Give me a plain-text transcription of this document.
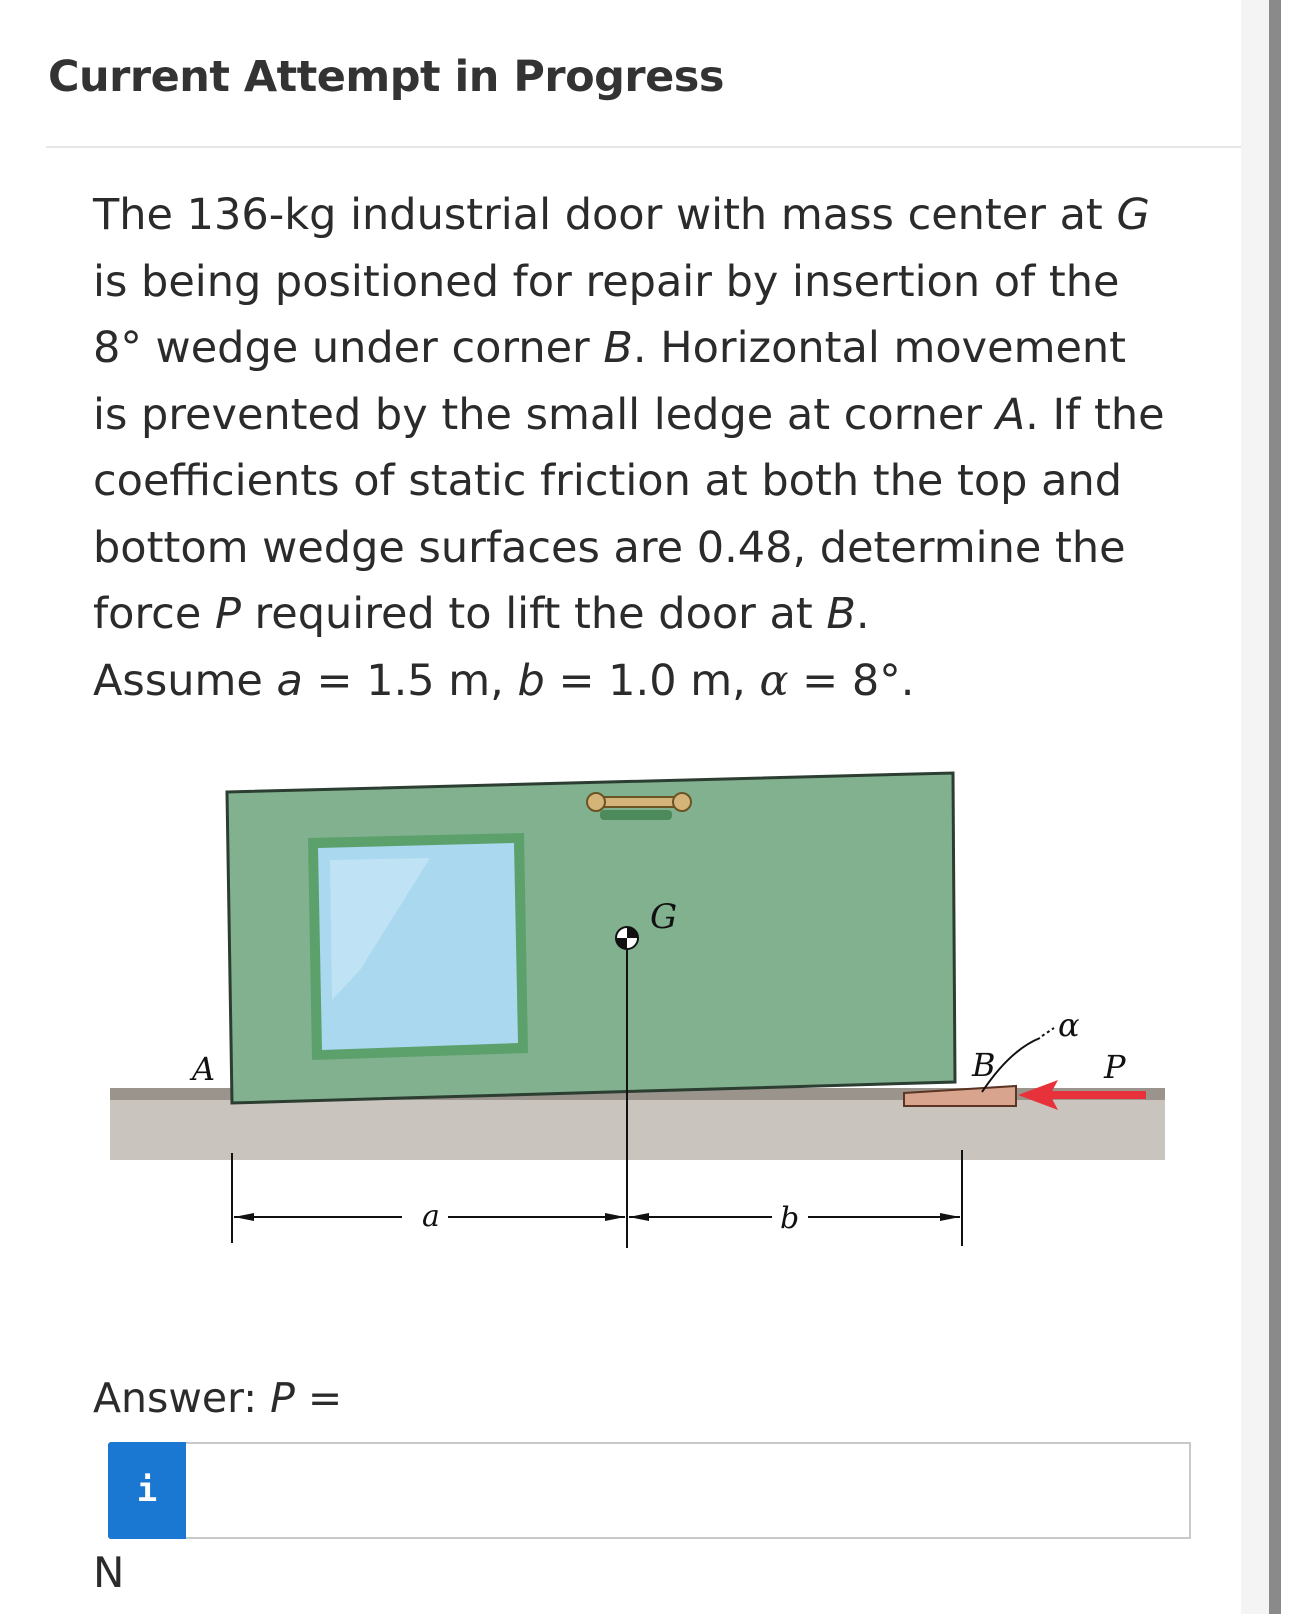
Current Attempt in Progress

The 136-kg industrial door with mass center at G is being positioned for repair by insertion of the 8° wedge under corner B. Horizontal movement is prevented by the small ledge at corner A. If the coefficients of static friction at both the top and bottom wedge surfaces are 0.48, determine the force P required to lift the door at B.

Assume a = 1.5 m, b = 1.0 m, α = 8°.

G
A	B
α
P
a	b
Answer: P =
i
N
